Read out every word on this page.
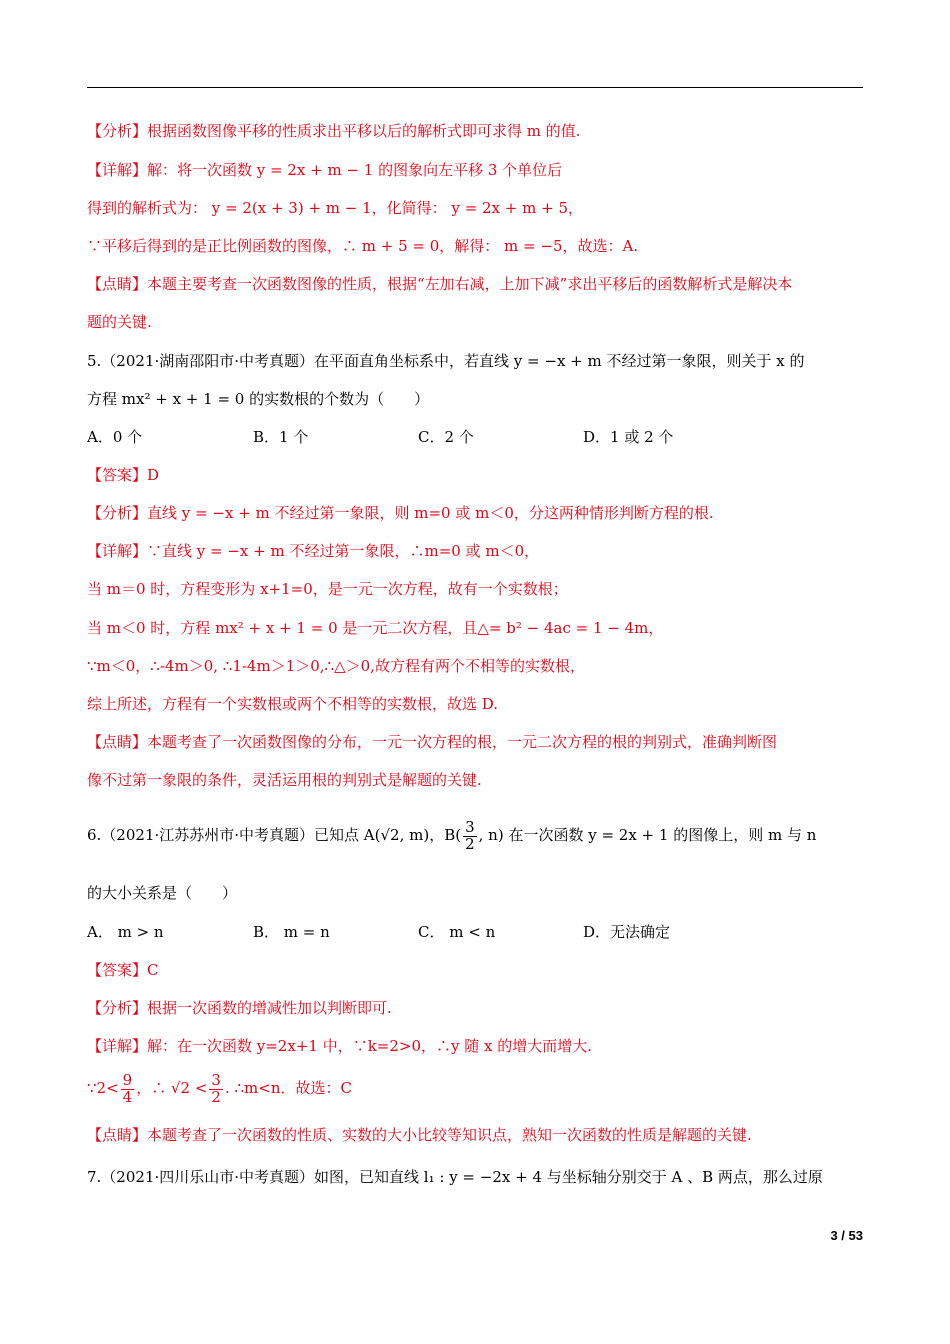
【分析】根据函数图像平移的性质求出平移以后的解析式即可求得 m 的值.
【详解】解：将一次函数 y = 2x + m − 1 的图象向左平移 3 个单位后
得到的解析式为： y = 2(x + 3) + m − 1，化简得： y = 2x + m + 5，
∵平移后得到的是正比例函数的图像，∴ m + 5 = 0，解得： m = −5，故选：A.
【点睛】本题主要考查一次函数图像的性质，根据“左加右减，上加下减”求出平移后的函数解析式是解决本
题的关键.
5.（2021·湖南邵阳市·中考真题）在平面直角坐标系中，若直线 y = −x + m 不经过第一象限，则关于 x 的
方程 mx² + x + 1 = 0 的实数根的个数为（　　）
A．0 个	B．1 个	C．2 个	D．1 或 2 个
【答案】D
【分析】直线 y = −x + m 不经过第一象限，则 m=0 或 m＜0，分这两种情形判断方程的根.
【详解】∵直线 y = −x + m 不经过第一象限，∴m=0 或 m＜0，
当 m＝0 时，方程变形为 x+1=0，是一元一次方程，故有一个实数根；
当 m＜0 时，方程 mx² + x + 1 = 0 是一元二次方程，且△= b² − 4ac = 1 − 4m，
∵m＜0，∴-4m＞0, ∴1-4m＞1＞0,∴△＞0,故方程有两个不相等的实数根，
综上所述，方程有一个实数根或两个不相等的实数根，故选 D.
【点睛】本题考查了一次函数图像的分布，一元一次方程的根，一元二次方程的根的判别式，准确判断图
像不过第一象限的条件，灵活运用根的判别式是解题的关键.
6.（2021·江苏苏州市·中考真题）已知点 A(√2, m)，$B( \frac{3}{2}$ , n) 在一次函数 y = 2x + 1 的图像上，则 m 与 n
的大小关系是（　　）
A． m > n	B． m = n	C． m < n	D．无法确定
【答案】C
【分析】根据一次函数的增减性加以判断即可.
【详解】解：在一次函数 y=2x+1 中，∵k=2>0，∴y 随 x 的增大而增大.
∵2< $\frac{9}{4}$ ，∴ $√2 < \frac{3}{2}$ . ∴m<n．故选：C
【点睛】本题考查了一次函数的性质、实数的大小比较等知识点，熟知一次函数的性质是解题的关键.
7.（2021·四川乐山市·中考真题）如图，已知直线 l₁ : y = −2x + 4 与坐标轴分别交于 A 、B 两点，那么过原
3 / 53
